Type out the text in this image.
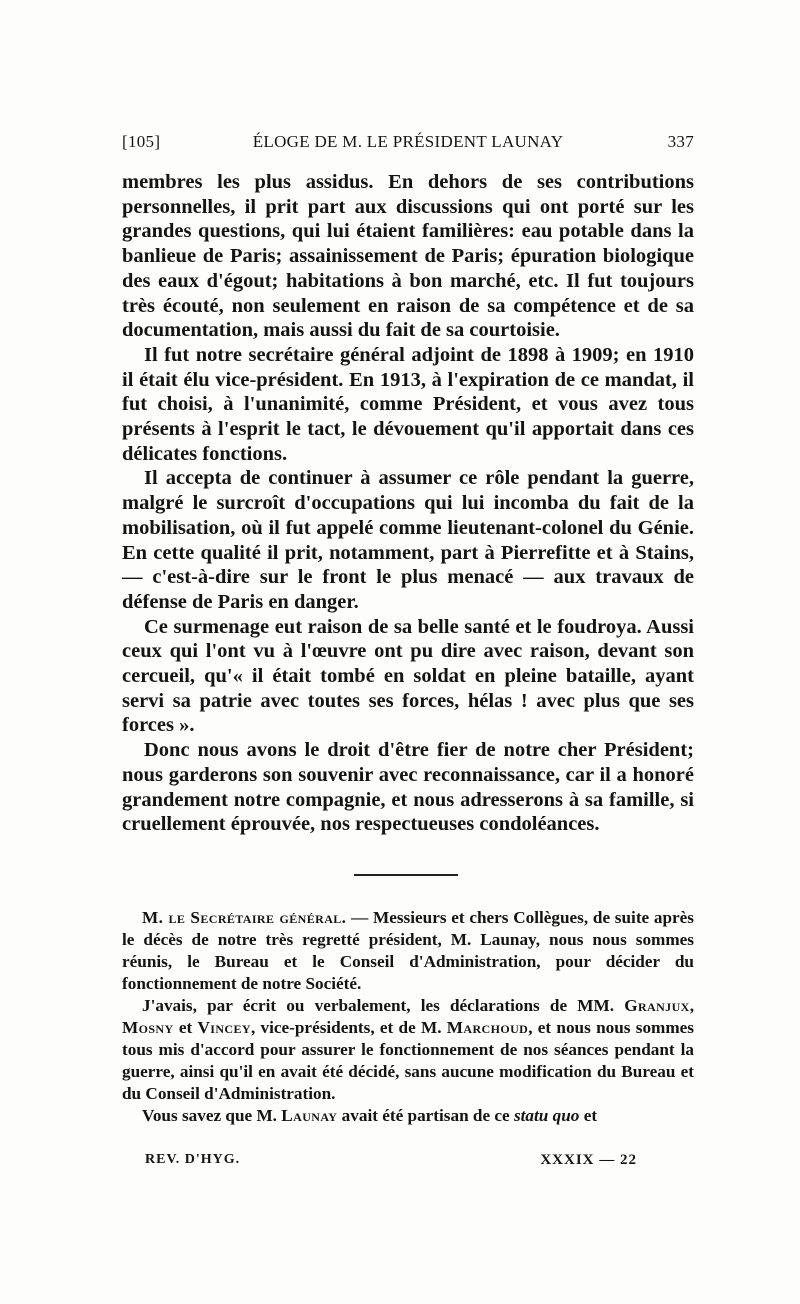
[105]	ÉLOGE DE M. LE PRÉSIDENT LAUNAY	337

membres les plus assidus. En dehors de ses contributions personnelles, il prit part aux discussions qui ont porté sur les grandes questions, qui lui étaient familières: eau potable dans la banlieue de Paris; assainissement de Paris; épuration biologique des eaux d'égout; habitations à bon marché, etc. Il fut toujours très écouté, non seulement en raison de sa compétence et de sa documentation, mais aussi du fait de sa courtoisie.

Il fut notre secrétaire général adjoint de 1898 à 1909; en 1910 il était élu vice-président. En 1913, à l'expiration de ce mandat, il fut choisi, à l'unanimité, comme Président, et vous avez tous présents à l'esprit le tact, le dévouement qu'il apportait dans ces délicates fonctions.

Il accepta de continuer à assumer ce rôle pendant la guerre, malgré le surcroît d'occupations qui lui incomba du fait de la mobilisation, où il fut appelé comme lieutenant-colonel du Génie. En cette qualité il prit, notamment, part à Pierrefitte et à Stains, — c'est-à-dire sur le front le plus menacé — aux travaux de défense de Paris en danger.

Ce surmenage eut raison de sa belle santé et le foudroya. Aussi ceux qui l'ont vu à l'œuvre ont pu dire avec raison, devant son cercueil, qu'« il était tombé en soldat en pleine bataille, ayant servi sa patrie avec toutes ses forces, hélas ! avec plus que ses forces ».

Donc nous avons le droit d'être fier de notre cher Président; nous garderons son souvenir avec reconnaissance, car il a honoré grandement notre compagnie, et nous adresserons à sa famille, si cruellement éprouvée, nos respectueuses condoléances.

M. le Secrétaire général. — Messieurs et chers Collègues, de suite après le décès de notre très regretté président, M. Launay, nous nous sommes réunis, le Bureau et le Conseil d'Administration, pour décider du fonctionnement de notre Société.

J'avais, par écrit ou verbalement, les déclarations de MM. Granjux, Mosny et Vincey, vice-présidents, et de M. Marchoud, et nous nous sommes tous mis d'accord pour assurer le fonctionnement de nos séances pendant la guerre, ainsi qu'il en avait été décidé, sans aucune modification du Bureau et du Conseil d'Administration.

Vous savez que M. Launay avait été partisan de ce statu quo et

REV. D'HYG.	XXXIX — 22
